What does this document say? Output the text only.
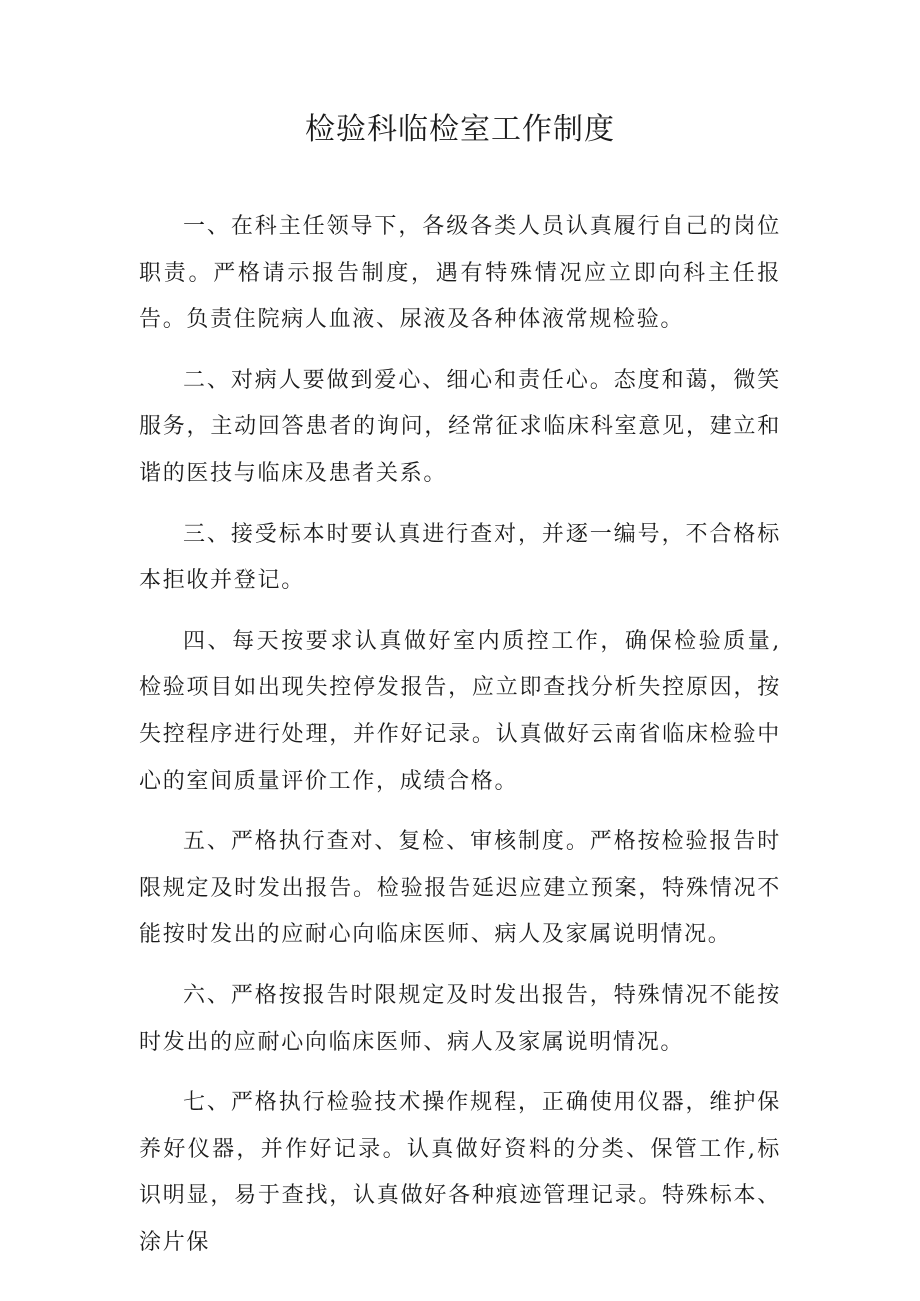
检验科临检室工作制度

一、在科主任领导下，各级各类人员认真履行自己的岗位职责。严格请示报告制度，遇有特殊情况应立即向科主任报告。负责住院病人血液、尿液及各种体液常规检验。

二、对病人要做到爱心、细心和责任心。态度和蔼，微笑服务，主动回答患者的询问，经常征求临床科室意见，建立和谐的医技与临床及患者关系。

三、接受标本时要认真进行查对，并逐一编号，不合格标本拒收并登记。

四、每天按要求认真做好室内质控工作，确保检验质量,检验项目如出现失控停发报告，应立即查找分析失控原因，按失控程序进行处理，并作好记录。认真做好云南省临床检验中心的室间质量评价工作，成绩合格。

五、严格执行查对、复检、审核制度。严格按检验报告时限规定及时发出报告。检验报告延迟应建立预案，特殊情况不能按时发出的应耐心向临床医师、病人及家属说明情况。

六、严格按报告时限规定及时发出报告，特殊情况不能按时发出的应耐心向临床医师、病人及家属说明情况。

七、严格执行检验技术操作规程，正确使用仪器，维护保养好仪器，并作好记录。认真做好资料的分类、保管工作,标识明显，易于查找，认真做好各种痕迹管理记录。特殊标本、涂片保
